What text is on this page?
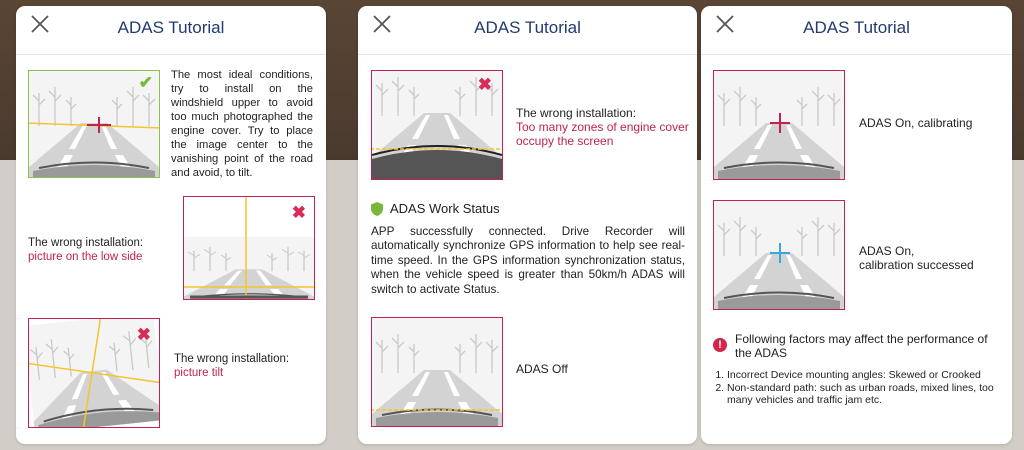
ADAS Tutorial
✔ The most ideal conditions, try to install on the windshield upper to avoid too much photographed the engine cover. Try to place the image center to the vanishing point of the road and avoid, to tilt.
The wrong installation:
picture on the low side
✖
✖
The wrong installation:
picture tilt
ADAS Tutorial
✖
The wrong installation:
Too many zones of engine cover occupy the screen
ADAS Work Status
APP successfully connected. Drive Recorder will automatically synchronize GPS information to help see real-time speed. In the GPS information synchronization status, when the vehicle speed is greater than 50km/h ADAS will switch to activate Status.
ADAS Off
ADAS Tutorial
ADAS On, calibrating
ADAS On,
calibration successed
!	Following factors may affect the performance of the ADAS
1. Incorrect Device mounting angles: Skewed or Crooked
2. Non-standard path: such as urban roads, mixed lines, too many vehicles and traffic jam etc.
